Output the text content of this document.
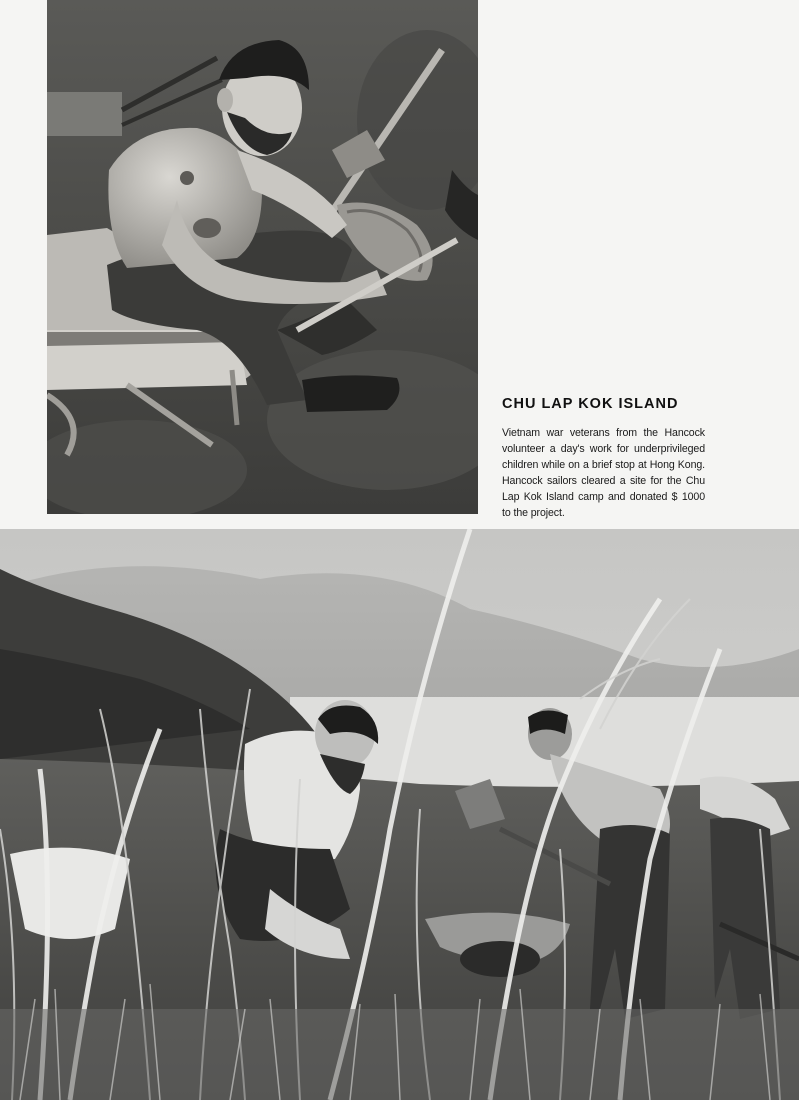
CHU LAP KOK ISLAND
Vietnam war veterans from the Hancock volunteer a day's work for underprivileged children while on a brief stop at Hong Kong. Hancock sailors cleared a site for the Chu Lap Kok Island camp and donated $ 1000 to the project.
